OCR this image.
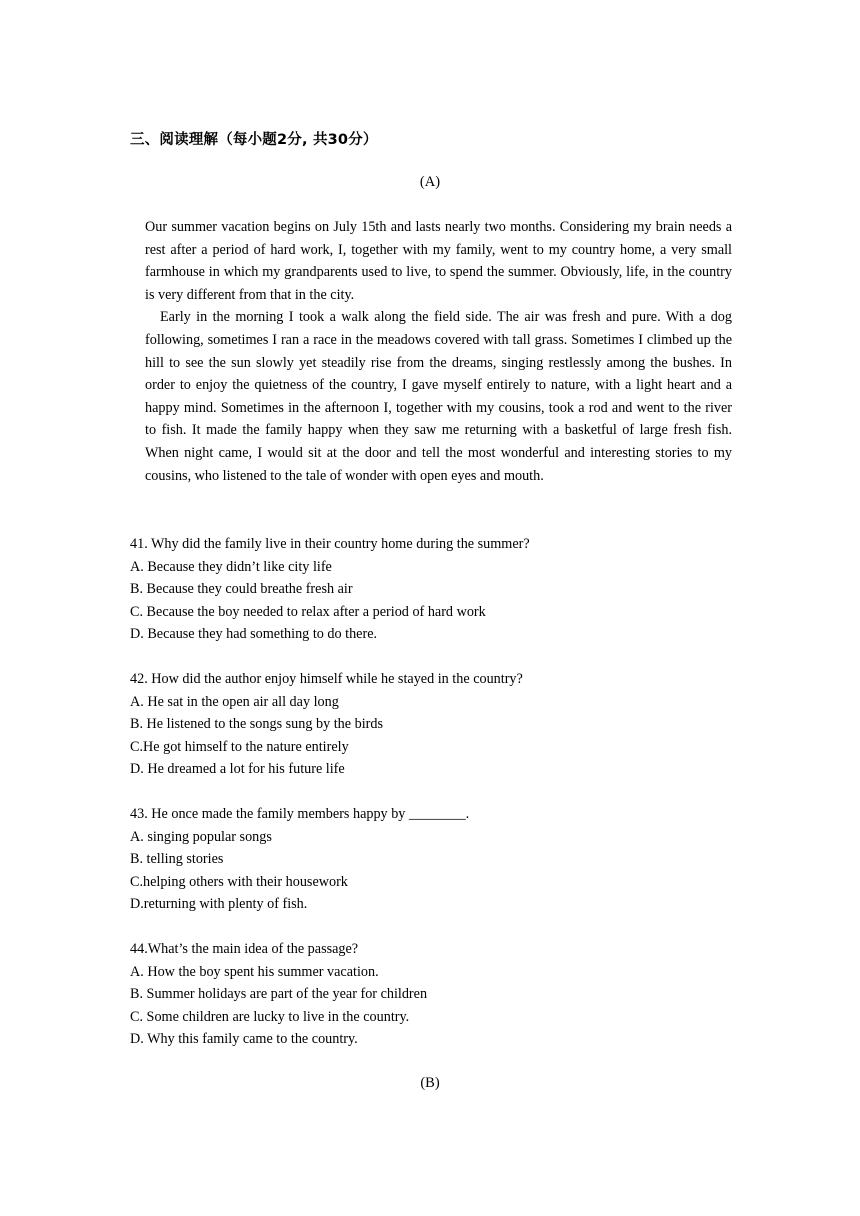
三、阅读理解（每小题2分, 共30分）
(A)

Our summer vacation begins on July 15th and lasts nearly two months. Considering my brain needs a rest after a period of hard work, I, together with my family, went to my country home, a very small farmhouse in which my grandparents used to live, to spend the summer. Obviously, life, in the country is very different from that in the city.

Early in the morning I took a walk along the field side. The air was fresh and pure. With a dog following, sometimes I ran a race in the meadows covered with tall grass. Sometimes I climbed up the hill to see the sun slowly yet steadily rise from the dreams, singing restlessly among the bushes. In order to enjoy the quietness of the country, I gave myself entirely to nature, with a light heart and a happy mind. Sometimes in the afternoon I, together with my cousins, took a rod and went to the river to fish. It made the family happy when they saw me returning with a basketful of large fresh fish. When night came, I would sit at the door and tell the most wonderful and interesting stories to my cousins, who listened to the tale of wonder with open eyes and mouth.

41. Why did the family live in their country home during the summer?
A. Because they didn’t like city life
B. Because they could breathe fresh air
C. Because the boy needed to relax after a period of hard work
D. Because they had something to do there.
42. How did the author enjoy himself while he stayed in the country?
A. He sat in the open air all day long
B. He listened to the songs sung by the birds
C.He got himself to the nature entirely
D. He dreamed a lot for his future life
43. He once made the family members happy by ________.
A. singing popular songs
B. telling stories
C.helping others with their housework
D.returning with plenty of fish.
44.What’s the main idea of the passage?
A. How the boy spent his summer vacation.
B. Summer holidays are part of the year for children
C. Some children are lucky to live in the country.
D. Why this family came to the country.
(B)
